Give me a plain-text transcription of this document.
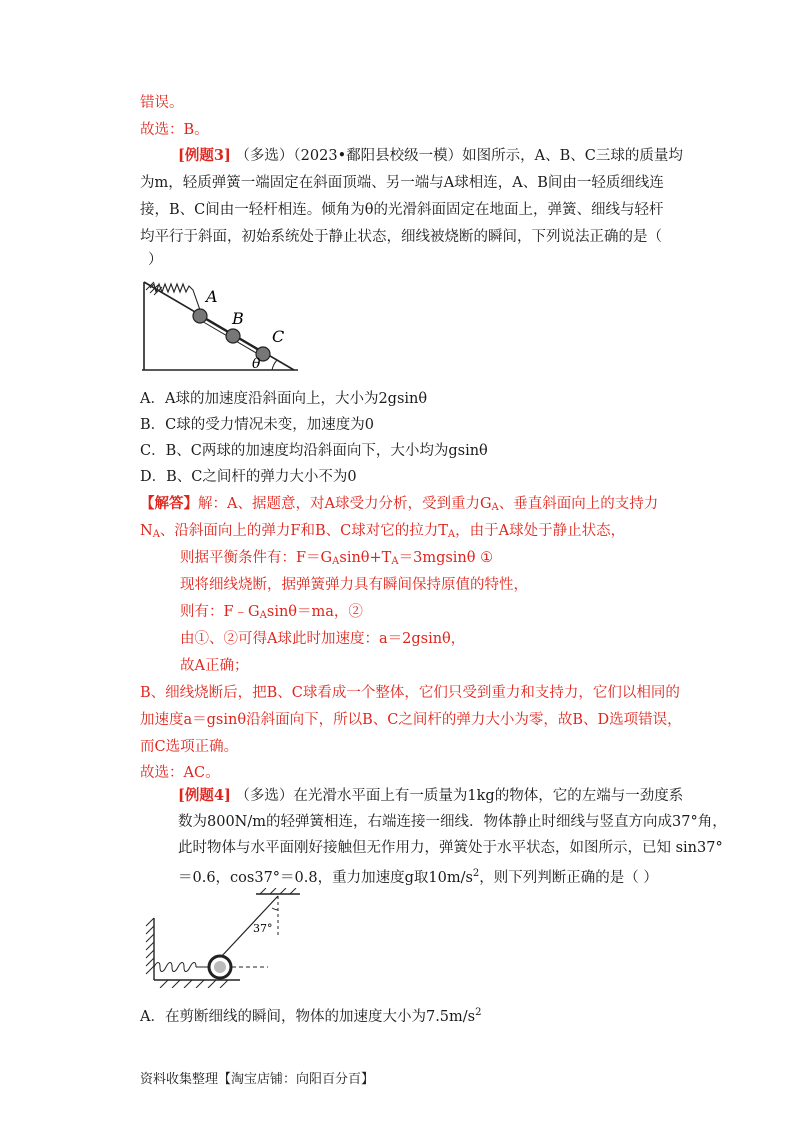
错误。
故选：B。
[例题3] （多选）（2023•鄱阳县校级一模）如图所示，A、B、C三球的质量均
为m，轻质弹簧一端固定在斜面顶端、另一端与A球相连，A、B间由一轻质细线连
接，B、C间由一轻杆相连。倾角为θ的光滑斜面固定在地面上，弹簧、细线与轻杆
均平行于斜面，初始系统处于静止状态，细线被烧断的瞬间，下列说法正确的是（
）
A
B
C
θ
A．A球的加速度沿斜面向上，大小为2gsinθ
B．C球的受力情况未变，加速度为0
C．B、C两球的加速度均沿斜面向下，大小均为gsinθ
D．B、C之间杆的弹力大小不为0
【解答】解：A、据题意，对A球受力分析，受到重力$G_A$、垂直斜面向上的支持力
$N_A$、沿斜面向上的弹力F和B、C球对它的拉力$T_A$，由于A球处于静止状态，
则据平衡条件有：$F=G_A\sin\theta+T_A=3mgsin\theta$ ①
现将细线烧断，据弹簧弹力具有瞬间保持原值的特性，
则有：$F﹣G_A\sin\theta=ma$，②
由①、②可得A球此时加速度：a＝2gsinθ，
故A正确；
B、细线烧断后，把B、C球看成一个整体，它们只受到重力和支持力，它们以相同的
加速度a＝gsinθ沿斜面向下，所以B、C之间杆的弹力大小为零，故B、D选项错误，
而C选项正确。
故选：AC。
[例题4] （多选）在光滑水平面上有一质量为1kg的物体，它的左端与一劲度系
数为800N/m的轻弹簧相连，右端连接一细线．物体静止时细线与竖直方向成37°角，
此时物体与水平面刚好接触但无作用力，弹簧处于水平状态，如图所示，已知 sin37°
＝0.6，cos37°＝0.8，重力加速度g取$10m/s^2$，则下列判断正确的是（ ）
37°
A．在剪断细线的瞬间，物体的加速度大小为$7.5m/s^2$
资料收集整理【淘宝店铺：向阳百分百】
